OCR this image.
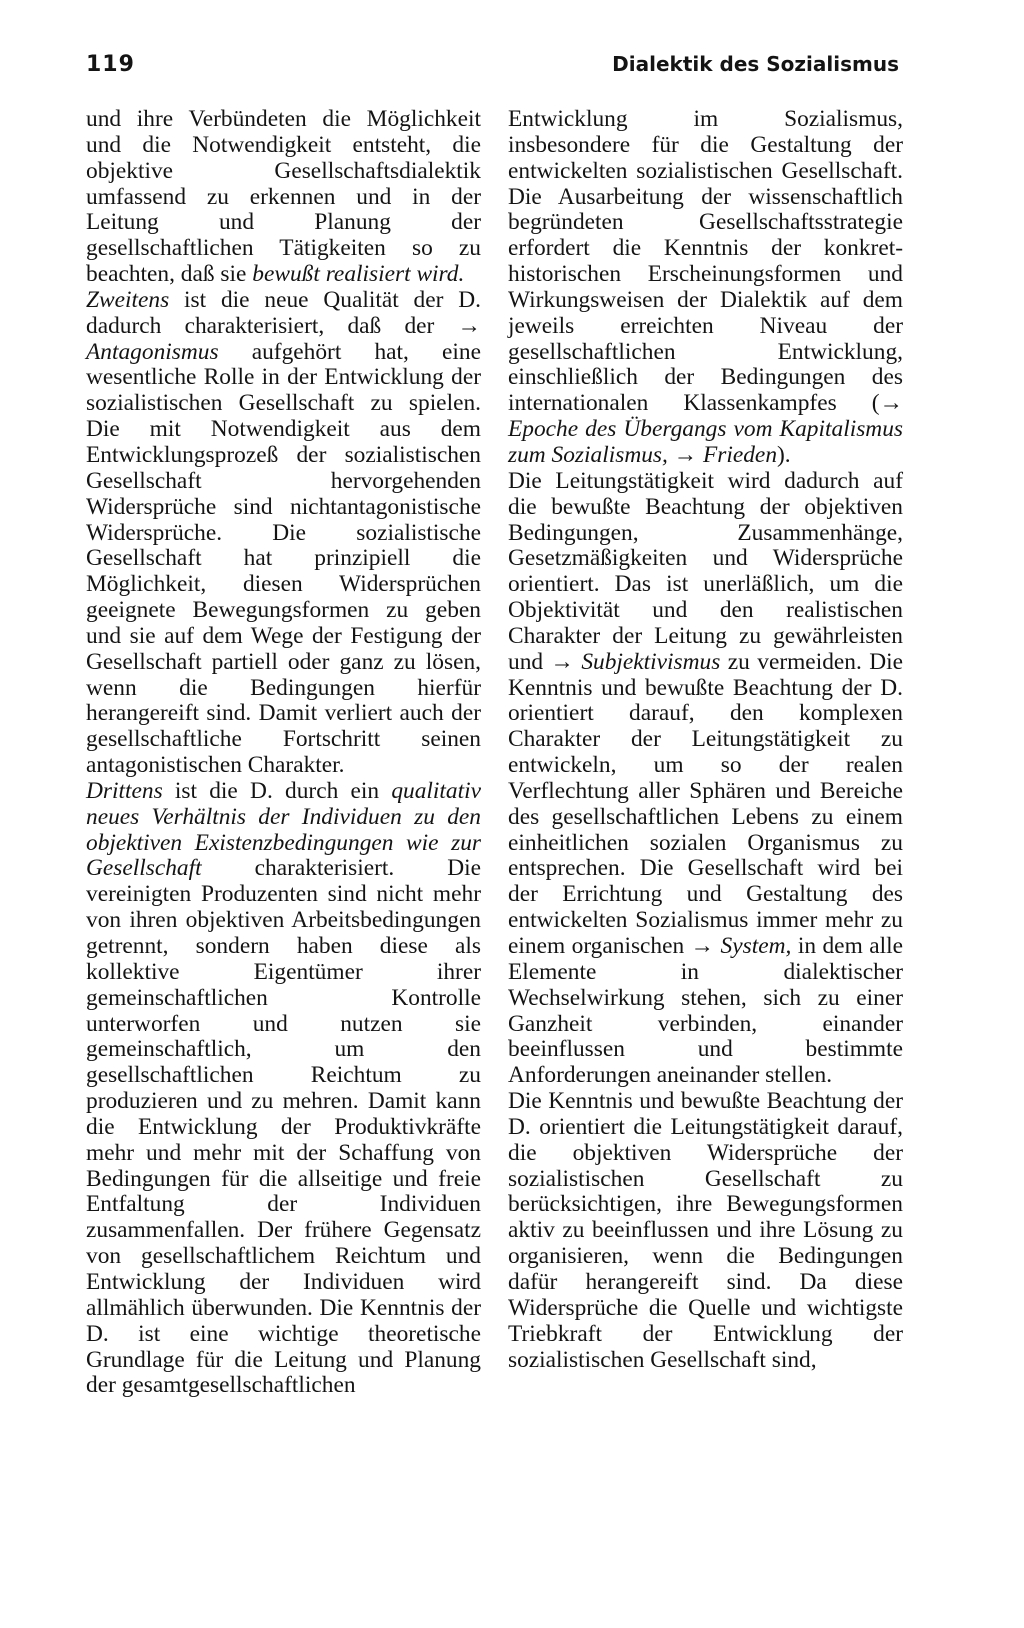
119	Dialektik des Sozialismus

und ihre Verbündeten die Möglichkeit und die Notwendigkeit entsteht, die objektive Gesellschaftsdialektik umfassend zu erkennen und in der Leitung und Planung der gesellschaftlichen Tätigkeiten so zu beachten, daß sie bewußt realisiert wird.

Zweitens ist die neue Qualität der D. dadurch charakterisiert, daß der → Antagonismus aufgehört hat, eine wesentliche Rolle in der Entwicklung der sozialistischen Gesellschaft zu spielen. Die mit Notwendigkeit aus dem Entwicklungsprozeß der sozialistischen Gesellschaft hervorgehenden Widersprüche sind nichtantagonistische Widersprüche. Die sozialistische Gesellschaft hat prinzipiell die Möglichkeit, diesen Widersprüchen geeignete Bewegungsformen zu geben und sie auf dem Wege der Festigung der Gesellschaft partiell oder ganz zu lösen, wenn die Bedingungen hierfür herangereift sind. Damit verliert auch der gesellschaftliche Fortschritt seinen antagonistischen Charakter.

Drittens ist die D. durch ein qualitativ neues Verhältnis der Individuen zu den objektiven Existenzbedingungen wie zur Gesellschaft charakterisiert. Die vereinigten Produzenten sind nicht mehr von ihren objektiven Arbeitsbedingungen getrennt, sondern haben diese als kollektive Eigentümer ihrer gemeinschaftlichen Kontrolle unterworfen und nutzen sie gemeinschaftlich, um den gesellschaftlichen Reichtum zu produzieren und zu mehren. Damit kann die Entwicklung der Produktivkräfte mehr und mehr mit der Schaffung von Bedingungen für die allseitige und freie Entfaltung der Individuen zusammenfallen. Der frühere Gegensatz von gesellschaftlichem Reichtum und Entwicklung der Individuen wird allmählich überwunden. Die Kenntnis der D. ist eine wichtige theoretische Grundlage für die Leitung und Planung der gesamtgesellschaftlichen

Entwicklung im Sozialismus, insbesondere für die Gestaltung der entwickelten sozialistischen Gesellschaft. Die Ausarbeitung der wissenschaftlich begründeten Gesellschaftsstrategie erfordert die Kenntnis der konkret-historischen Erscheinungsformen und Wirkungsweisen der Dialektik auf dem jeweils erreichten Niveau der gesellschaftlichen Entwicklung, einschließlich der Bedingungen des internationalen Klassenkampfes (→ Epoche des Übergangs vom Kapitalismus zum Sozialismus, → Frieden).

Die Leitungstätigkeit wird dadurch auf die bewußte Beachtung der objektiven Bedingungen, Zusammenhänge, Gesetzmäßigkeiten und Widersprüche orientiert. Das ist unerläßlich, um die Objektivität und den realistischen Charakter der Leitung zu gewährleisten und → Subjektivismus zu vermeiden. Die Kenntnis und bewußte Beachtung der D. orientiert darauf, den komplexen Charakter der Leitungstätigkeit zu entwickeln, um so der realen Verflechtung aller Sphären und Bereiche des gesellschaftlichen Lebens zu einem einheitlichen sozialen Organismus zu entsprechen. Die Gesellschaft wird bei der Errichtung und Gestaltung des entwickelten Sozialismus immer mehr zu einem organischen → System, in dem alle Elemente in dialektischer Wechselwirkung stehen, sich zu einer Ganzheit verbinden, einander beeinflussen und bestimmte Anforderungen aneinander stellen.

Die Kenntnis und bewußte Beachtung der D. orientiert die Leitungstätigkeit darauf, die objektiven Widersprüche der sozialistischen Gesellschaft zu berücksichtigen, ihre Bewegungsformen aktiv zu beeinflussen und ihre Lösung zu organisieren, wenn die Bedingungen dafür herangereift sind. Da diese Widersprüche die Quelle und wichtigste Triebkraft der Entwicklung der sozialistischen Gesellschaft sind,
